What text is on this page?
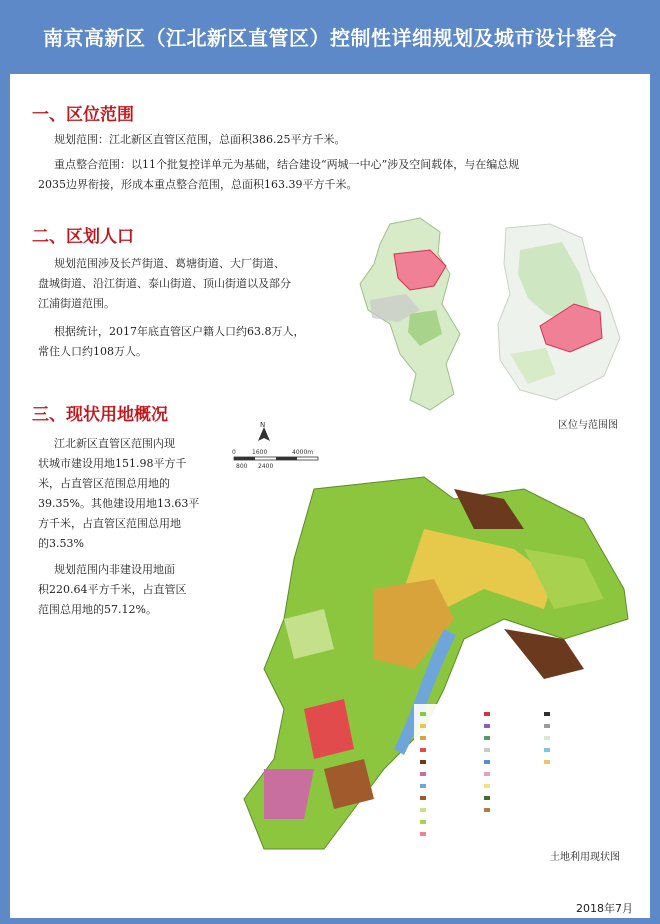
南京高新区（江北新区直管区）控制性详细规划及城市设计整合
一、区位范围

规划范围：江北新区直管区范围，总面积386.25平方千米。

重点整合范围：以11个批复控详单元为基础，结合建设“两城一中心”涉及空间载体，与在编总规

2035边界衔接，形成本重点整合范围，总面积163.39平方千米。

二、区划人口

规划范围涉及长芦街道、葛塘街道、大厂街道、

盘城街道、沿江街道、泰山街道、顶山街道以及部分

江浦街道范围。

根据统计，2017年底直管区户籍人口约63.8万人，

常住人口约108万人。

区位与范围图
三、现状用地概况

江北新区直管区范围内现

状城市建设用地151.98平方千

米，占直管区范围总用地的

39.35%。其他建设用地13.63平

方千米，占直管区范围总用地

的3.53%

规划范围内非建设用地面

积220.64平方千米，占直管区

范围总用地的57.12%。

N
0	1600	4000m
800 2400
土地利用现状图
2018年7月
